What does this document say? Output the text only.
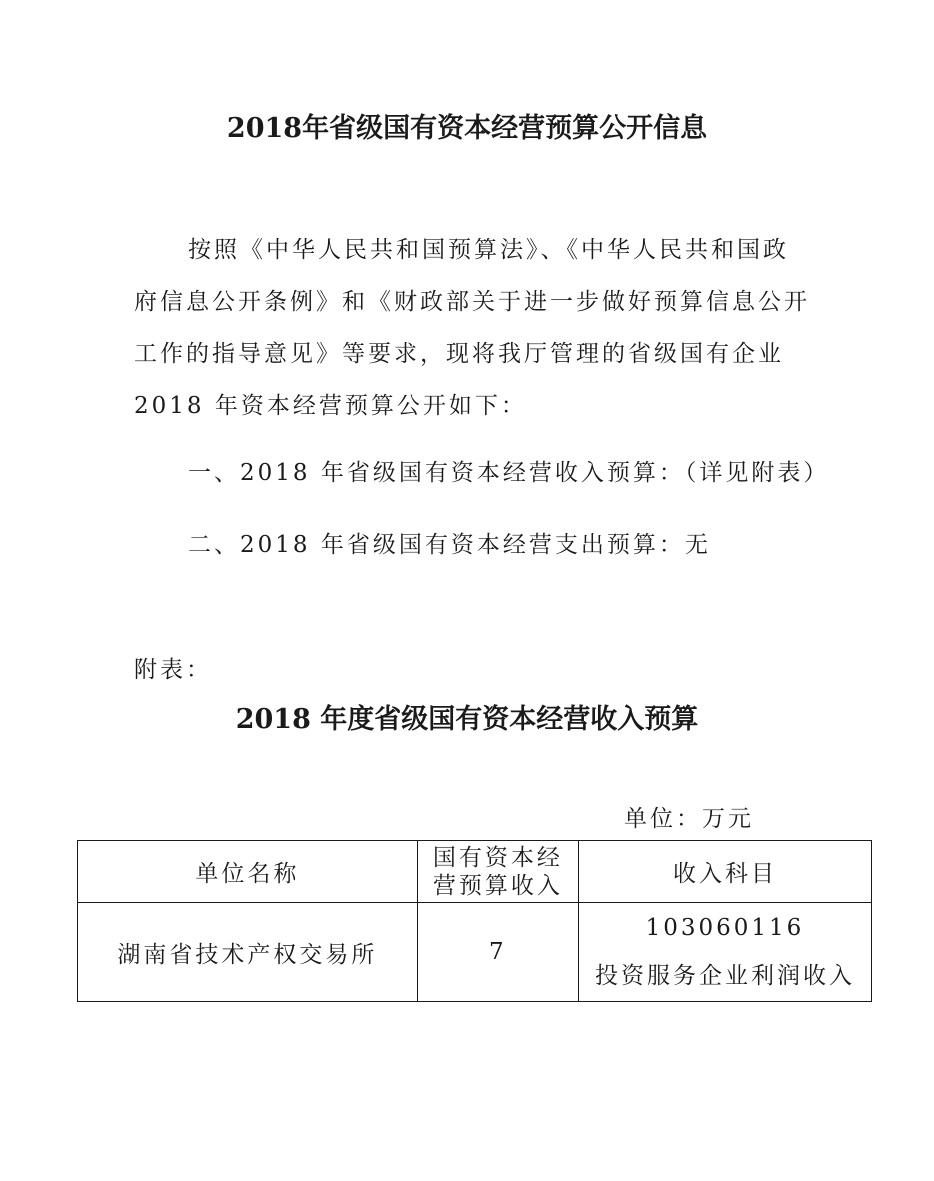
2018年省级国有资本经营预算公开信息

按照《中华人民共和国预算法》、《中华人民共和国政
府信息公开条例》和《财政部关于进一步做好预算信息公开
工作的指导意见》等要求，现将我厅管理的省级国有企业
2018 年资本经营预算公开如下：

一、2018 年省级国有资本经营收入预算：（详见附表）
二、2018 年省级国有资本经营支出预算：无
附表：
2018 年度省级国有资本经营收入预算
单位：万元
单位名称	国有资本经营预算收入	收入科目
湖南省技术产权交易所	7	103060116
投资服务企业利润收入
